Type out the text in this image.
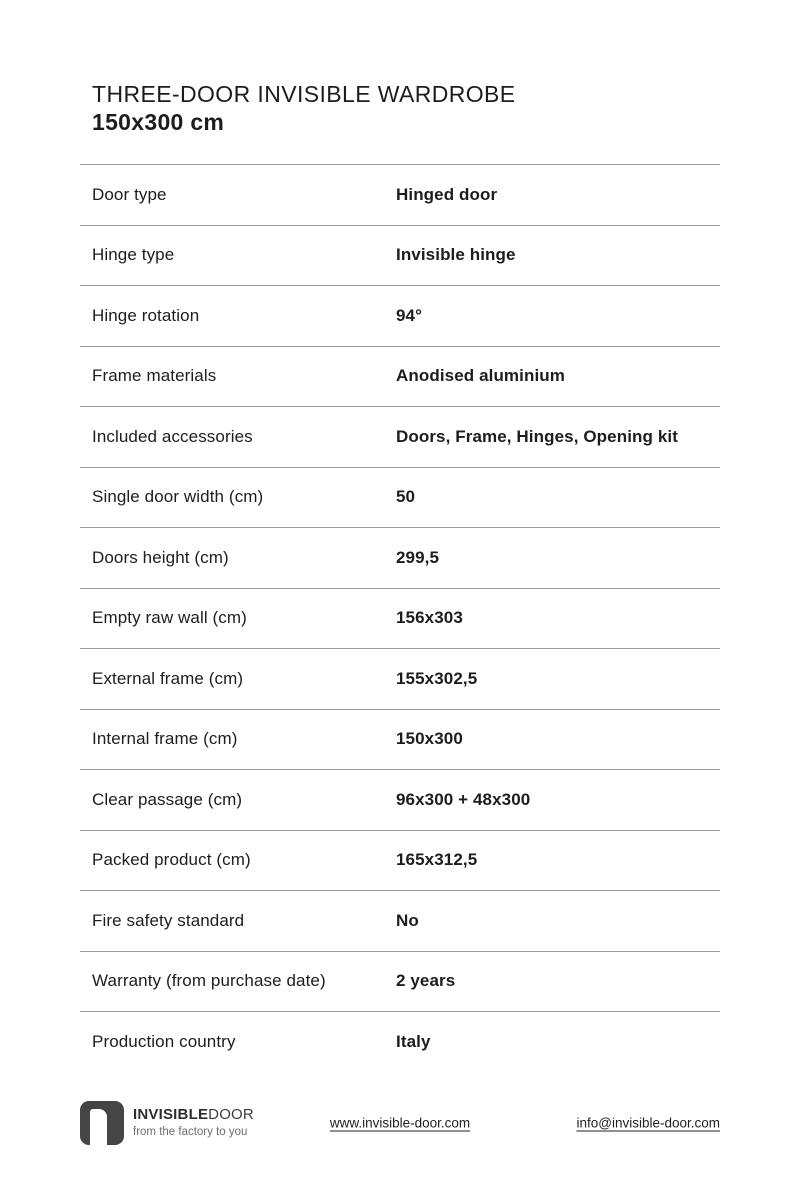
THREE-DOOR INVISIBLE WARDROBE
150x300 cm
Door type	Hinged door
Hinge type	Invisible hinge
Hinge rotation	94°
Frame materials	Anodised aluminium
Included accessories	Doors, Frame, Hinges, Opening kit
Single door width (cm)	50
Doors height (cm)	299,5
Empty raw wall (cm)	156x303
External frame (cm)	155x302,5
Internal frame (cm)	150x300
Clear passage (cm)	96x300 + 48x300
Packed product (cm)	165x312,5
Fire safety standard	No
Warranty (from purchase date)	2 years
Production country	Italy
INVISIBLEDOOR
from the factory to you
www.invisible-door.com	info@invisible-door.com
